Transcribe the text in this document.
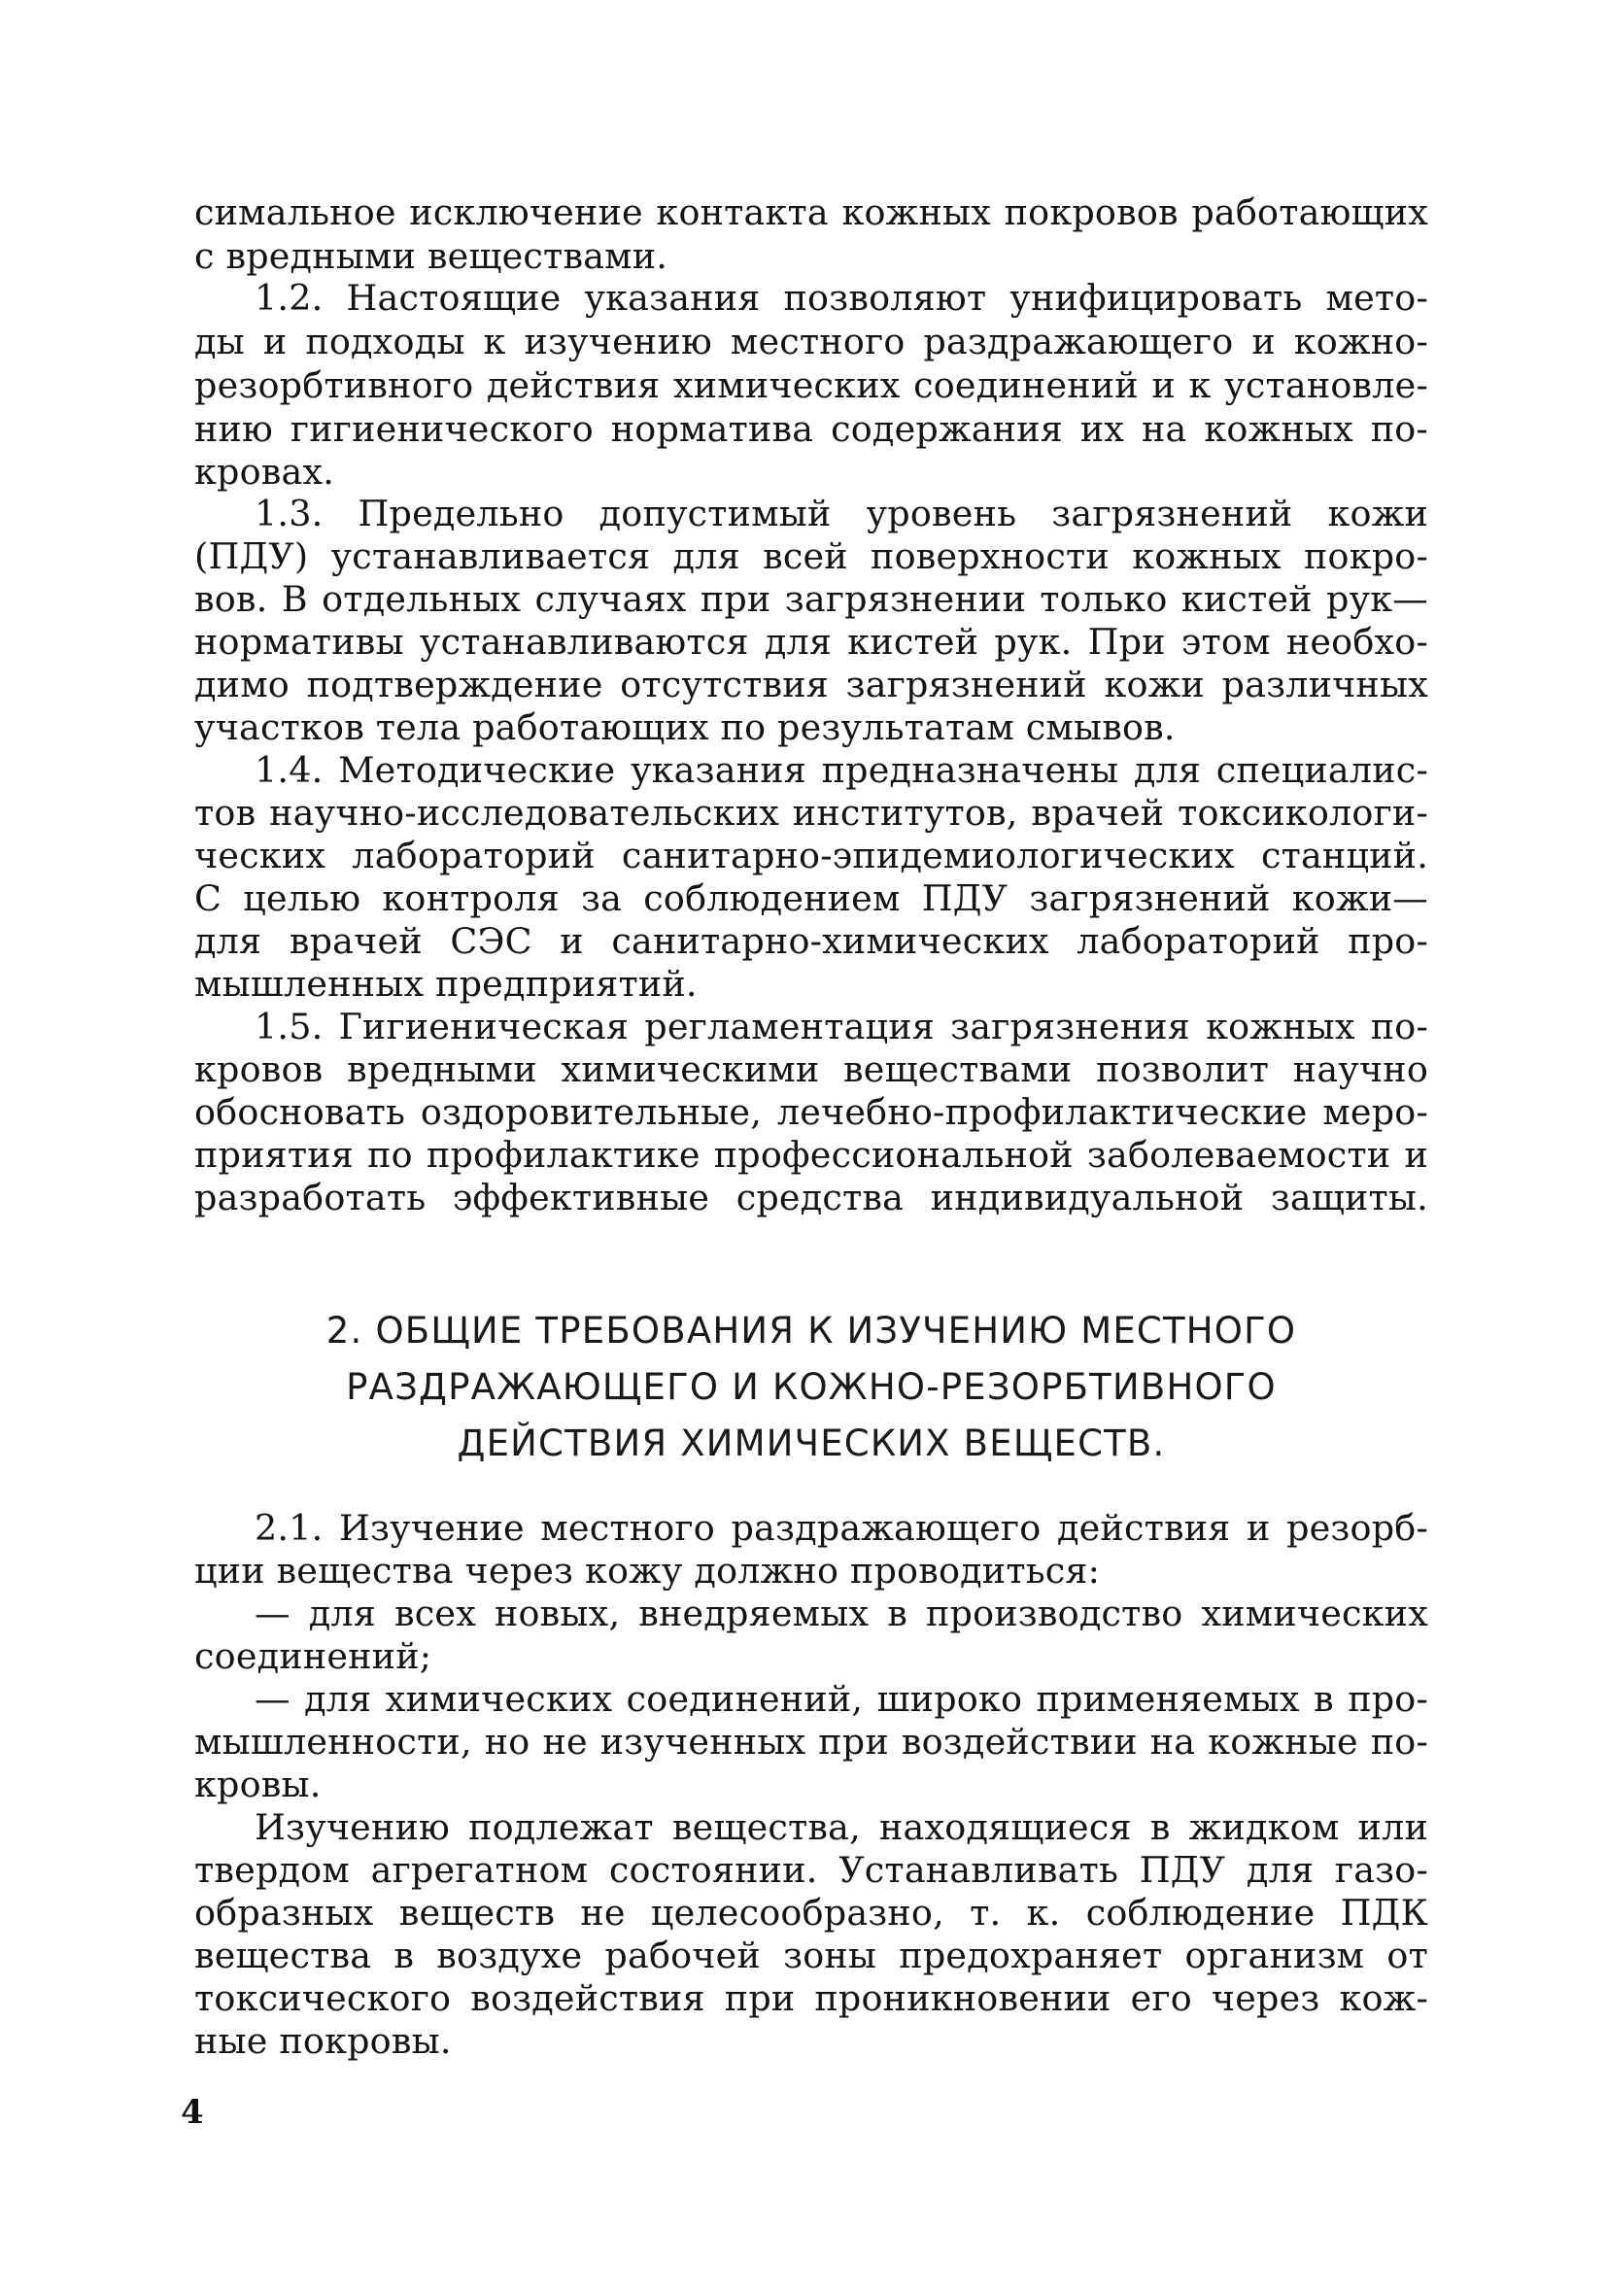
симальное исключение контакта кожных покровов работающих
с вредными веществами.
1.2. Настоящие указания позволяют унифицировать мето-
ды и подходы к изучению местного раздражающего и кожно-
резорбтивного действия химических соединений и к установле-
нию гигиенического норматива содержания их на кожных по-
кровах.
1.3. Предельно допустимый уровень загрязнений кожи
(ПДУ) устанавливается для всей поверхности кожных покро-
вов. В отдельных случаях при загрязнении только кистей рук—
нормативы устанавливаются для кистей рук. При этом необхо-
димо подтверждение отсутствия загрязнений кожи различных
участков тела работающих по результатам смывов.
1.4. Методические указания предназначены для специалис-
тов научно-исследовательских институтов, врачей токсикологи-
ческих лабораторий санитарно-эпидемиологических станций.
С целью контроля за соблюдением ПДУ загрязнений кожи—
для врачей СЭС и санитарно-химических лабораторий про-
мышленных предприятий.
1.5. Гигиеническая регламентация загрязнения кожных по-
кровов вредными химическими веществами позволит научно
обосновать оздоровительные, лечебно-профилактические меро-
приятия по профилактике профессиональной заболеваемости и
разработать эффективные средства индивидуальной защиты.
2. ОБЩИЕ ТРЕБОВАНИЯ К ИЗУЧЕНИЮ МЕСТНОГО
РАЗДРАЖАЮЩЕГО И КОЖНО-РЕЗОРБТИВНОГО
ДЕЙСТВИЯ ХИМИЧЕСКИХ ВЕЩЕСТВ.
2.1. Изучение местного раздражающего действия и резорб-
ции вещества через кожу должно проводиться:
— для всех новых, внедряемых в производство химических
соединений;
— для химических соединений, широко применяемых в про-
мышленности, но не изученных при воздействии на кожные по-
кровы.
Изучению подлежат вещества, находящиеся в жидком или
твердом агрегатном состоянии. Устанавливать ПДУ для газо-
образных веществ не целесообразно, т. к. соблюдение ПДК
вещества в воздухе рабочей зоны предохраняет организм от
токсического воздействия при проникновении его через кож-
ные покровы.
4
